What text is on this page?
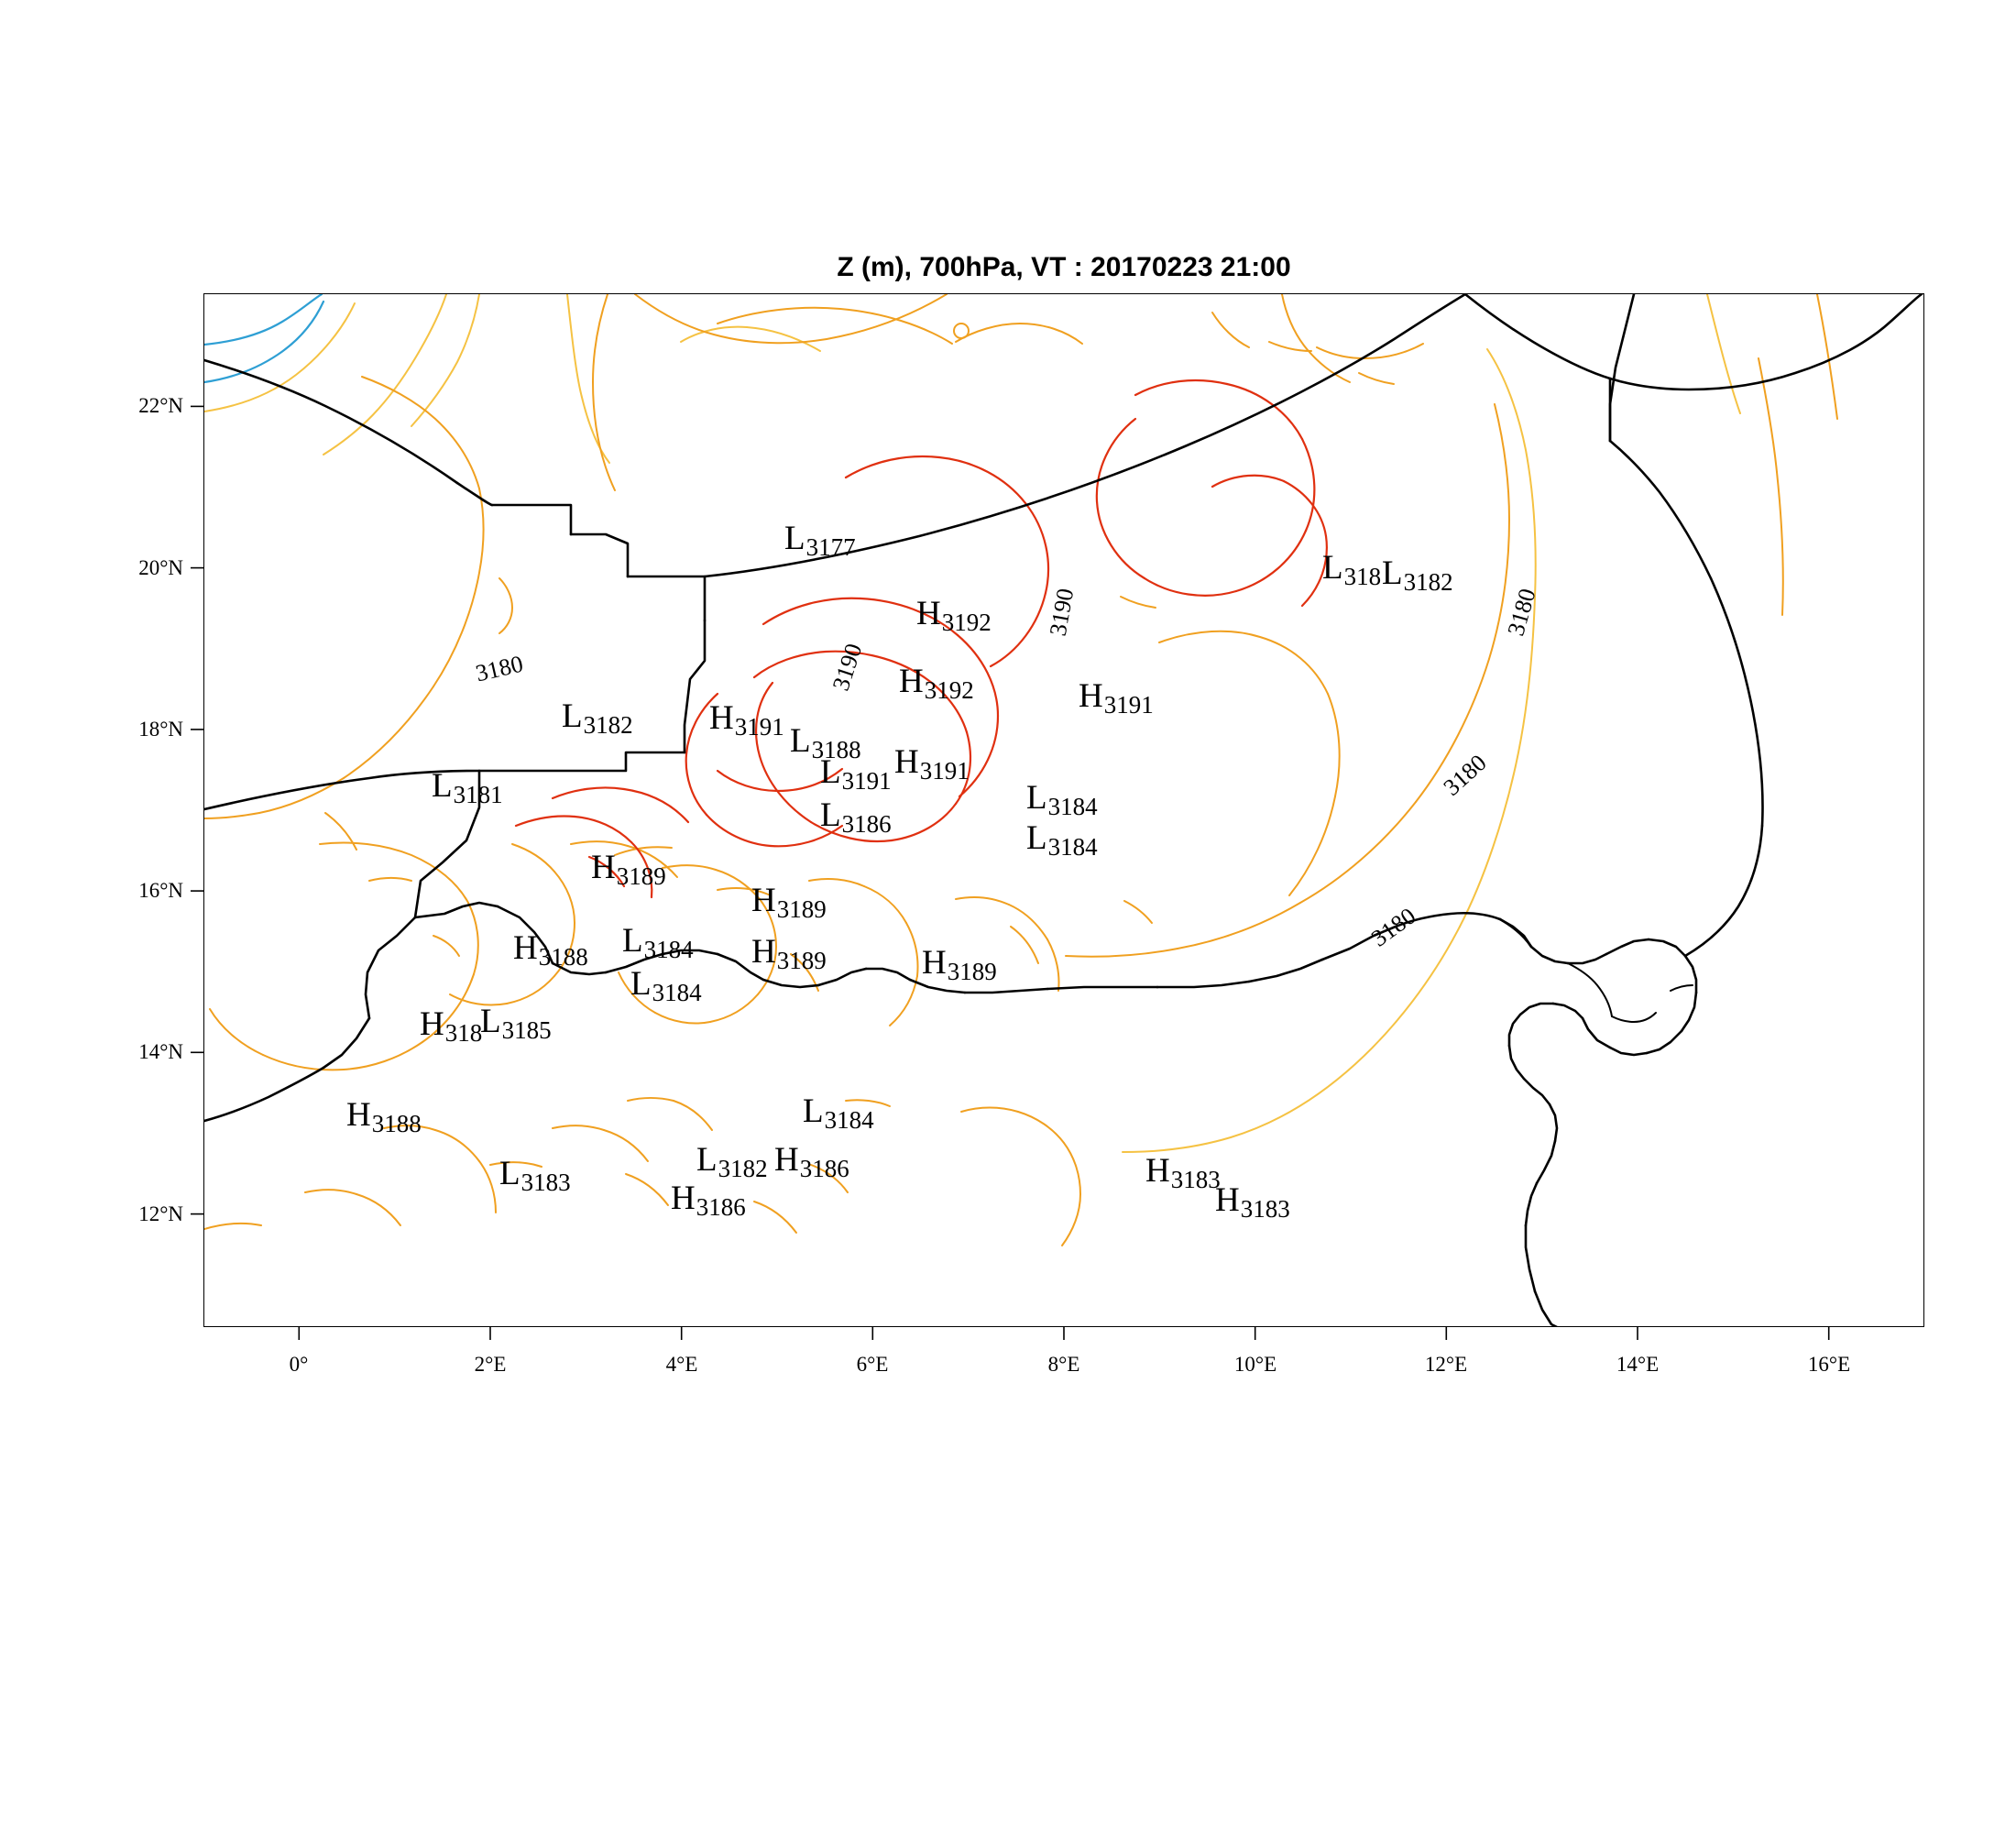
Z (m), 700hPa, VT : 20170223 21:00
3180	3190
3190	3180
3180
3180
L3177
H3192
L318 L3182
L3182
H3192	H3191
H3191 L3188 H3191
L3181
L3191	L3184
L3186	L3184
H3189
H3189
L3184
H3188	H3189	H3189
L3184
H318
L3185
H3188	L3184
L3183
L3182 H3186	H3183
H3186	H3183
0°	2°E	4°E	6°E	8°E	10°E	12°E	14°E	16°E
12°N
14°N
16°N
18°N
20°N
22°N
